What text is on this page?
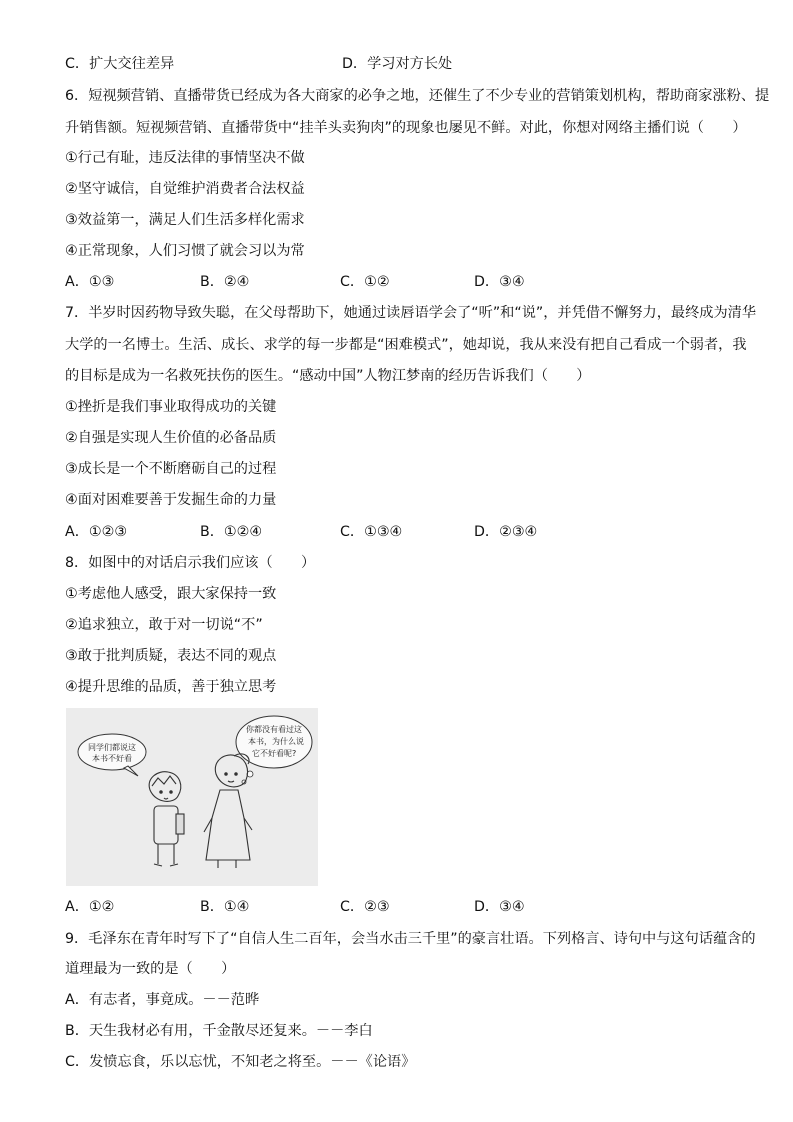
C．扩大交往差异	D．学习对方长处
6．短视频营销、直播带货已经成为各大商家的必争之地，还催生了不少专业的营销策划机构，帮助商家涨粉、提
升销售额。短视频营销、直播带货中“挂羊头卖狗肉”的现象也屡见不鲜。对此，你想对网络主播们说（　　）
①行己有耻，违反法律的事情坚决不做
②坚守诚信，自觉维护消费者合法权益
③效益第一，满足人们生活多样化需求
④正常现象，人们习惯了就会习以为常
A．①③	B．②④	C．①②	D．③④
7．半岁时因药物导致失聪，在父母帮助下，她通过读唇语学会了“听”和“说”，并凭借不懈努力，最终成为清华
大学的一名博士。生活、成长、求学的每一步都是“困难模式”，她却说，我从来没有把自己看成一个弱者，我
的目标是成为一名救死扶伤的医生。“感动中国”人物江梦南的经历告诉我们（　　）
①挫折是我们事业取得成功的关键
②自强是实现人生价值的必备品质
③成长是一个不断磨砺自己的过程
④面对困难要善于发掘生命的力量
A．①②③	B．①②④	C．①③④	D．②③④
8．如图中的对话启示我们应该（　　）
①考虑他人感受，跟大家保持一致
②追求独立，敢于对一切说“不”
③敢于批判质疑，表达不同的观点
④提升思维的品质，善于独立思考
同学们都说这
本书不好看
你都没有看过这
本书，为什么说
它不好看呢?
A．①②	B．①④	C．②③	D．③④
9．毛泽东在青年时写下了“自信人生二百年，会当水击三千里”的豪言壮语。下列格言、诗句中与这句话蕴含的
道理最为一致的是（　　）
A．有志者，事竟成。－－范晔
B．天生我材必有用，千金散尽还复来。－－李白
C．发愤忘食，乐以忘忧，不知老之将至。－－《论语》
